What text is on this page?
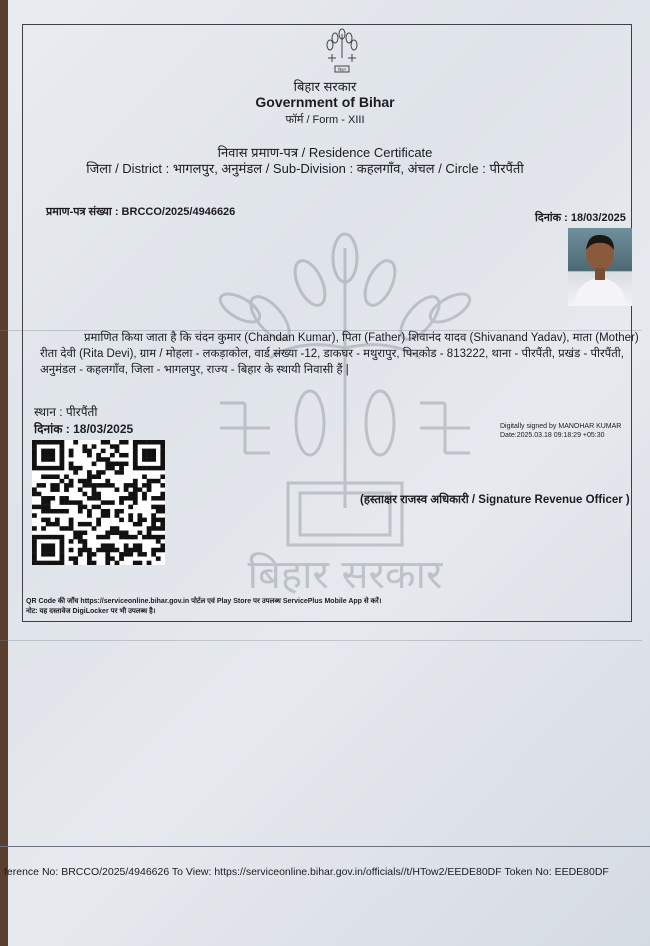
बिहार
बिहार सरकार
Government of Bihar
फॉर्म / Form - XIII
निवास प्रमाण-पत्र / Residence Certificate
जिला / District : भागलपुर, अनुमंडल / Sub-Division : कहलगाँव, अंचल / Circle : पीरपैंती
प्रमाण-पत्र संख्या : BRCCO/2025/4946626	दिनांक : 18/03/2025
बिहार सरकार
प्रमाणित किया जाता है कि चंदन कुमार (Chandan Kumar), पिता (Father) शिवानंद यादव (Shivanand Yadav), माता (Mother) रीता देवी (Rita Devi), ग्राम / मोहला - लकड़ाकोल, वार्ड संख्या -12, डाकघर - मथुरापुर, पिनकोड - 813222, थाना - पीरपैंती, प्रखंड - पीरपैंती, अनुमंडल - कहलगाँव, जिला - भागलपुर, राज्य - बिहार के स्थायी निवासी हैं |
स्थान : पीरपैंती
दिनांक : 18/03/2025	Digitally signed by MANOHAR KUMAR
Date:2025.03.18 09:18:29 +05:30
(हस्ताक्षर राजस्व अधिकारी / Signature Revenue Officer )
QR Code की जाँच https://serviceonline.bihar.gov.in पोर्टल एवं Play Store पर उपलब्ध ServicePlus Mobile App से करें।
नोट: यह दस्तावेज DigiLocker पर भी उपलब्ध है।
ference No: BRCCO/2025/4946626 To View: https://serviceonline.bihar.gov.in/officials//t/HTow2/EEDE80DF Token No: EEDE80DF
